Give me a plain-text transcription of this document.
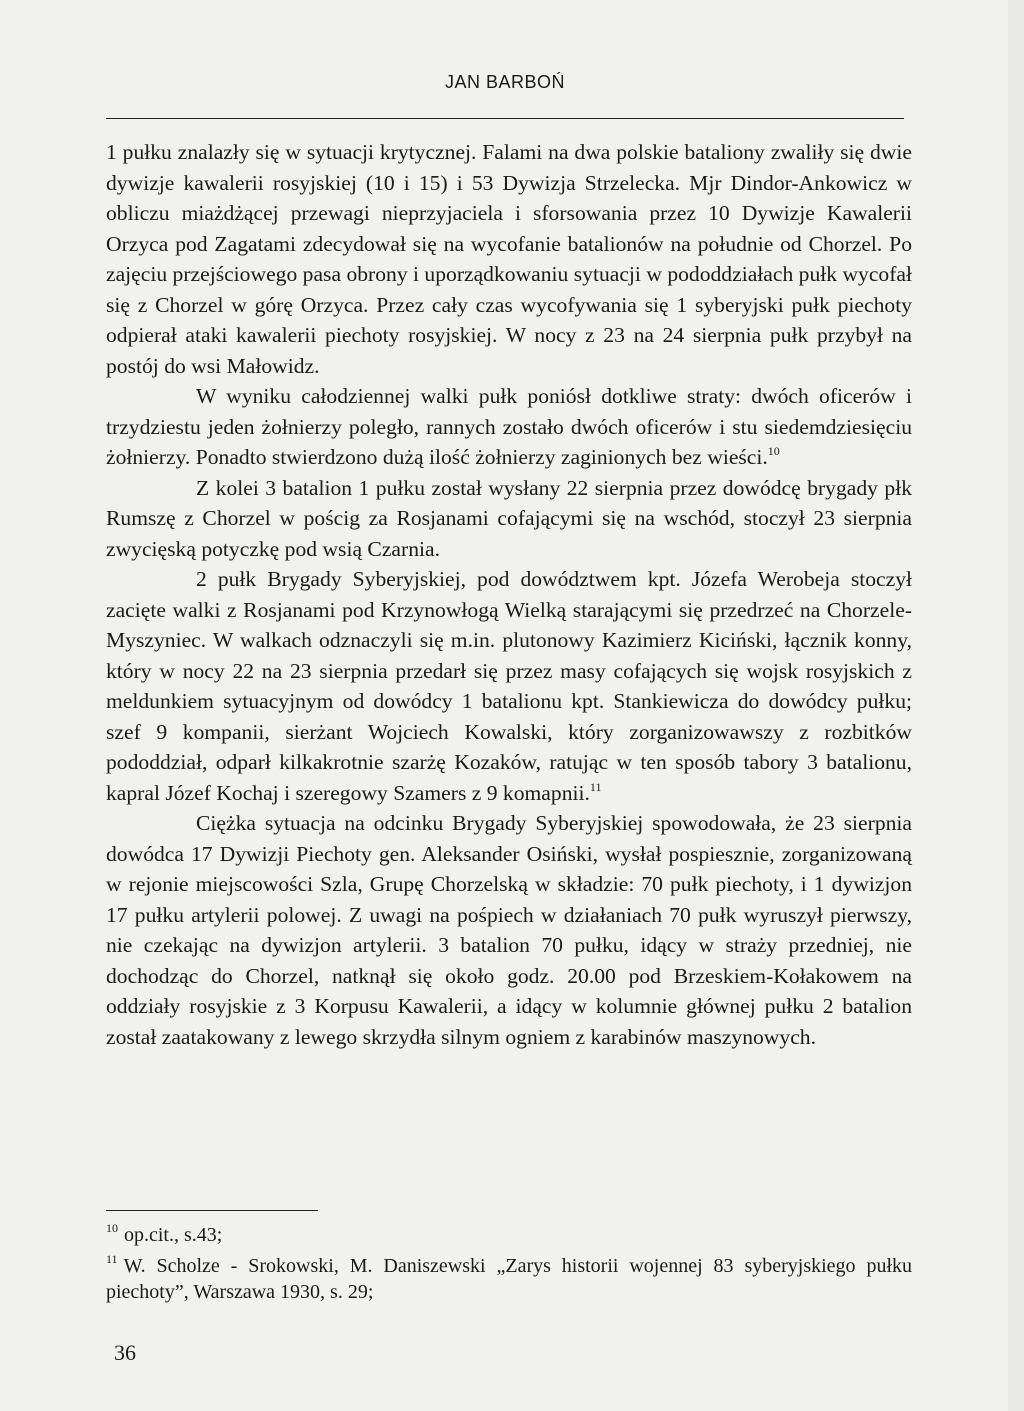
JAN BARBOŃ

1 pułku znalazły się w sytuacji krytycznej. Falami na dwa polskie bataliony zwaliły się dwie dywizje kawalerii rosyjskiej (10 i 15) i 53 Dywizja Strzelecka. Mjr Dindor-Ankowicz w obliczu miażdżącej przewagi nieprzyjaciela i sforsowania przez 10 Dywizje Kawalerii Orzyca pod Zagatami zdecydował się na wycofanie batalionów na południe od Chorzel. Po zajęciu przejściowego pasa obrony i uporządkowaniu sytuacji w pododdziałach pułk wycofał się z Chorzel w górę Orzyca. Przez cały czas wycofywania się 1 syberyjski pułk piechoty odpierał ataki kawalerii piechoty rosyjskiej. W nocy z 23 na 24 sierpnia pułk przybył na postój do wsi Małowidz.

W wyniku całodziennej walki pułk poniósł dotkliwe straty: dwóch oficerów i trzydziestu jeden żołnierzy poległo, rannych zostało dwóch oficerów i stu siedemdziesięciu żołnierzy. Ponadto stwierdzono dużą ilość żołnierzy zaginionych bez wieści.$^{10}$

Z kolei 3 batalion 1 pułku został wysłany 22 sierpnia przez dowódcę brygady płk Rumszę z Chorzel w pościg za Rosjanami cofającymi się na wschód, stoczył 23 sierpnia zwycięską potyczkę pod wsią Czarnia.

2 pułk Brygady Syberyjskiej, pod dowództwem kpt. Józefa Werobeja stoczył zacięte walki z Rosjanami pod Krzynowłogą Wielką starającymi się przedrzeć na Chorzele- Myszyniec. W walkach odznaczyli się m.in. plutonowy Kazimierz Kiciński, łącznik konny, który w nocy 22 na 23 sierpnia przedarł się przez masy cofających się wojsk rosyjskich z meldunkiem sytuacyjnym od dowódcy 1 batalionu kpt. Stankiewicza do dowódcy pułku; szef 9 kompanii, sierżant Wojciech Kowalski, który zorganizowawszy z rozbitków pododdział, odparł kilkakrotnie szarżę Kozaków, ratując w ten sposób tabory 3 batalionu, kapral Józef Kochaj i szeregowy Szamers z 9 komapnii.$^{11}$

Ciężka sytuacja na odcinku Brygady Syberyjskiej spowodowała, że 23 sierpnia dowódca 17 Dywizji Piechoty gen. Aleksander Osiński, wysłał pospiesznie, zorganizowaną w rejonie miejscowości Szla, Grupę Chorzelską w składzie: 70 pułk piechoty, i 1 dywizjon 17 pułku artylerii polowej. Z uwagi na pośpiech w działaniach 70 pułk wyruszył pierwszy, nie czekając na dywizjon artylerii. 3 batalion 70 pułku, idący w straży przedniej, nie dochodząc do Chorzel, natknął się około godz. 20.00 pod Brzeskiem-Kołakowem na oddziały rosyjskie z 3 Korpusu Kawalerii, a idący w kolumnie głównej pułku 2 batalion został zaatakowany z lewego skrzydła silnym ogniem z karabinów maszynowych.

$^{10}$ op.cit., s.43;
$^{11}$ W. Scholze - Srokowski, M. Daniszewski „Zarys historii wojennej 83 syberyjskiego pułku piechoty”, Warszawa 1930, s. 29;
36
